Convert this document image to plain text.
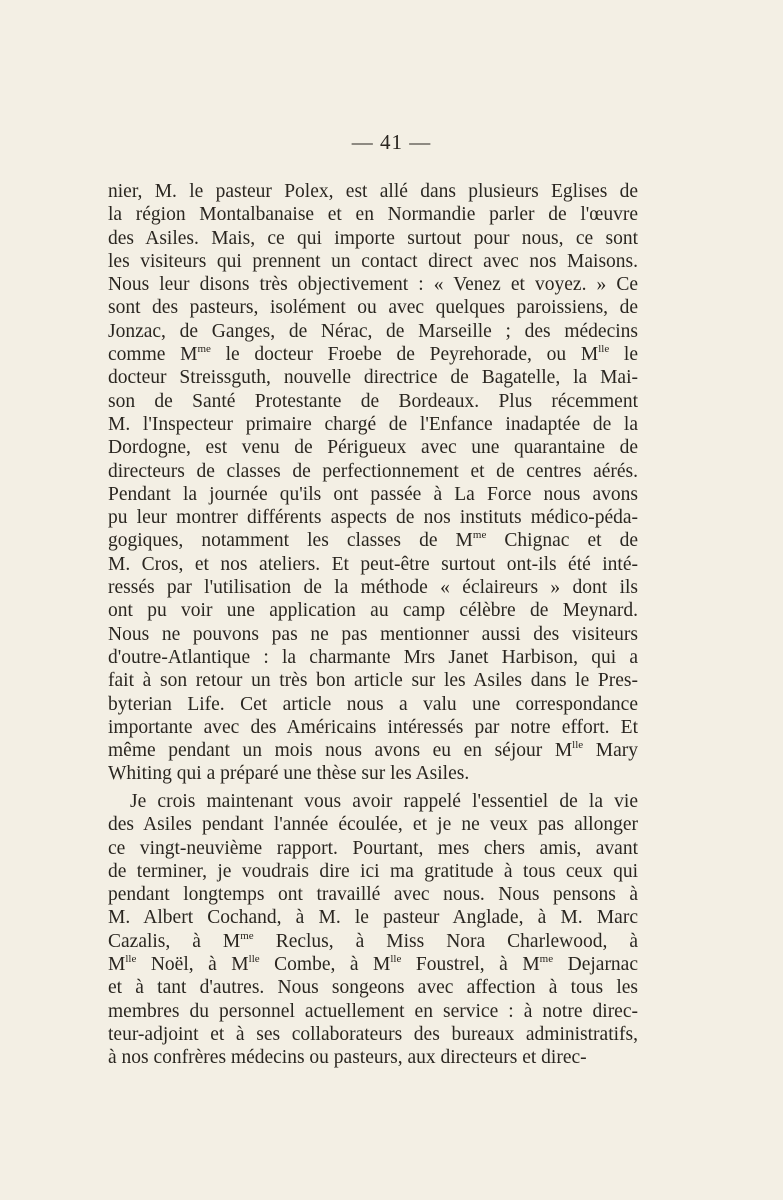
— 41 —
nier, M. le pasteur Polex, est allé dans plusieurs Eglises de
la région Montalbanaise et en Normandie parler de l'œuvre
des Asiles. Mais, ce qui importe surtout pour nous, ce sont
les visiteurs qui prennent un contact direct avec nos Maisons.
Nous leur disons très objectivement : « Venez et voyez. » Ce
sont des pasteurs, isolément ou avec quelques paroissiens, de
Jonzac, de Ganges, de Nérac, de Marseille ; des médecins
comme $M^{me}$ le docteur Froebe de Peyrehorade, ou $M^{lle}$ le
docteur Streissguth, nouvelle directrice de Bagatelle, la Mai-
son de Santé Protestante de Bordeaux. Plus récemment
M. l'Inspecteur primaire chargé de l'Enfance inadaptée de la
Dordogne, est venu de Périgueux avec une quarantaine de
directeurs de classes de perfectionnement et de centres aérés.
Pendant la journée qu'ils ont passée à La Force nous avons
pu leur montrer différents aspects de nos instituts médico-péda-
gogiques, notamment les classes de $M^{me}$ Chignac et de
M. Cros, et nos ateliers. Et peut-être surtout ont-ils été inté-
ressés par l'utilisation de la méthode « éclaireurs » dont ils
ont pu voir une application au camp célèbre de Meynard.
Nous ne pouvons pas ne pas mentionner aussi des visiteurs
d'outre-Atlantique : la charmante Mrs Janet Harbison, qui a
fait à son retour un très bon article sur les Asiles dans le Pres-
byterian Life. Cet article nous a valu une correspondance
importante avec des Américains intéressés par notre effort. Et
même pendant un mois nous avons eu en séjour $M^{lle}$ Mary
Whiting qui a préparé une thèse sur les Asiles.
Je crois maintenant vous avoir rappelé l'essentiel de la vie
des Asiles pendant l'année écoulée, et je ne veux pas allonger
ce vingt-neuvième rapport. Pourtant, mes chers amis, avant
de terminer, je voudrais dire ici ma gratitude à tous ceux qui
pendant longtemps ont travaillé avec nous. Nous pensons à
M. Albert Cochand, à M. le pasteur Anglade, à M. Marc
Cazalis, à $M^{me}$ Reclus, à Miss Nora Charlewood, à
$M^{lle}$ Noël, à $M^{lle}$ Combe, à $M^{lle}$ Foustrel, à $M^{me}$ Dejarnac
et à tant d'autres. Nous songeons avec affection à tous les
membres du personnel actuellement en service : à notre direc-
teur-adjoint et à ses collaborateurs des bureaux administratifs,
à nos confrères médecins ou pasteurs, aux directeurs et direc-
